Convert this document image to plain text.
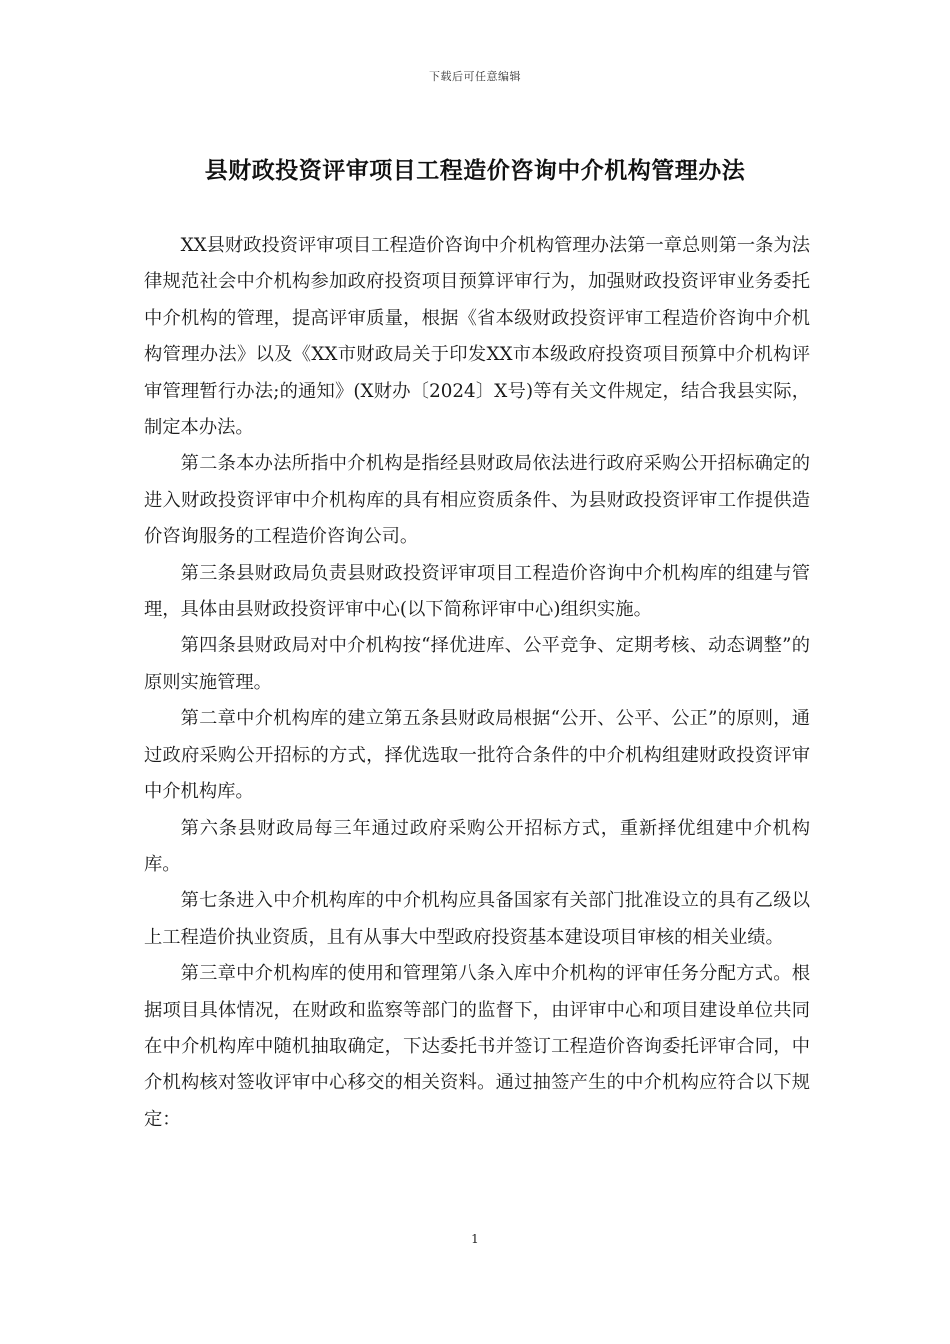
下载后可任意编辑
县财政投资评审项目工程造价咨询中介机构管理办法

XX县财政投资评审项目工程造价咨询中介机构管理办法第一章总则第一条为法律规范社会中介机构参加政府投资项目预算评审行为，加强财政投资评审业务委托中介机构的管理，提高评审质量，根据《省本级财政投资评审工程造价咨询中介机构管理办法》以及《XX市财政局关于印发XX市本级政府投资项目预算中介机构评审管理暂行办法;的通知》(X财办〔2024〕X号)等有关文件规定，结合我县实际，制定本办法。

第二条本办法所指中介机构是指经县财政局依法进行政府采购公开招标确定的进入财政投资评审中介机构库的具有相应资质条件、为县财政投资评审工作提供造价咨询服务的工程造价咨询公司。

第三条县财政局负责县财政投资评审项目工程造价咨询中介机构库的组建与管理，具体由县财政投资评审中心(以下简称评审中心)组织实施。

第四条县财政局对中介机构按“择优进库、公平竞争、定期考核、动态调整”的原则实施管理。

第二章中介机构库的建立第五条县财政局根据“公开、公平、公正”的原则，通过政府采购公开招标的方式，择优选取一批符合条件的中介机构组建财政投资评审中介机构库。

第六条县财政局每三年通过政府采购公开招标方式，重新择优组建中介机构库。

第七条进入中介机构库的中介机构应具备国家有关部门批准设立的具有乙级以上工程造价执业资质，且有从事大中型政府投资基本建设项目审核的相关业绩。

第三章中介机构库的使用和管理第八条入库中介机构的评审任务分配方式。根据项目具体情况，在财政和监察等部门的监督下，由评审中心和项目建设单位共同在中介机构库中随机抽取确定，下达委托书并签订工程造价咨询委托评审合同，中介机构核对签收评审中心移交的相关资料。通过抽签产生的中介机构应符合以下规定：

1
